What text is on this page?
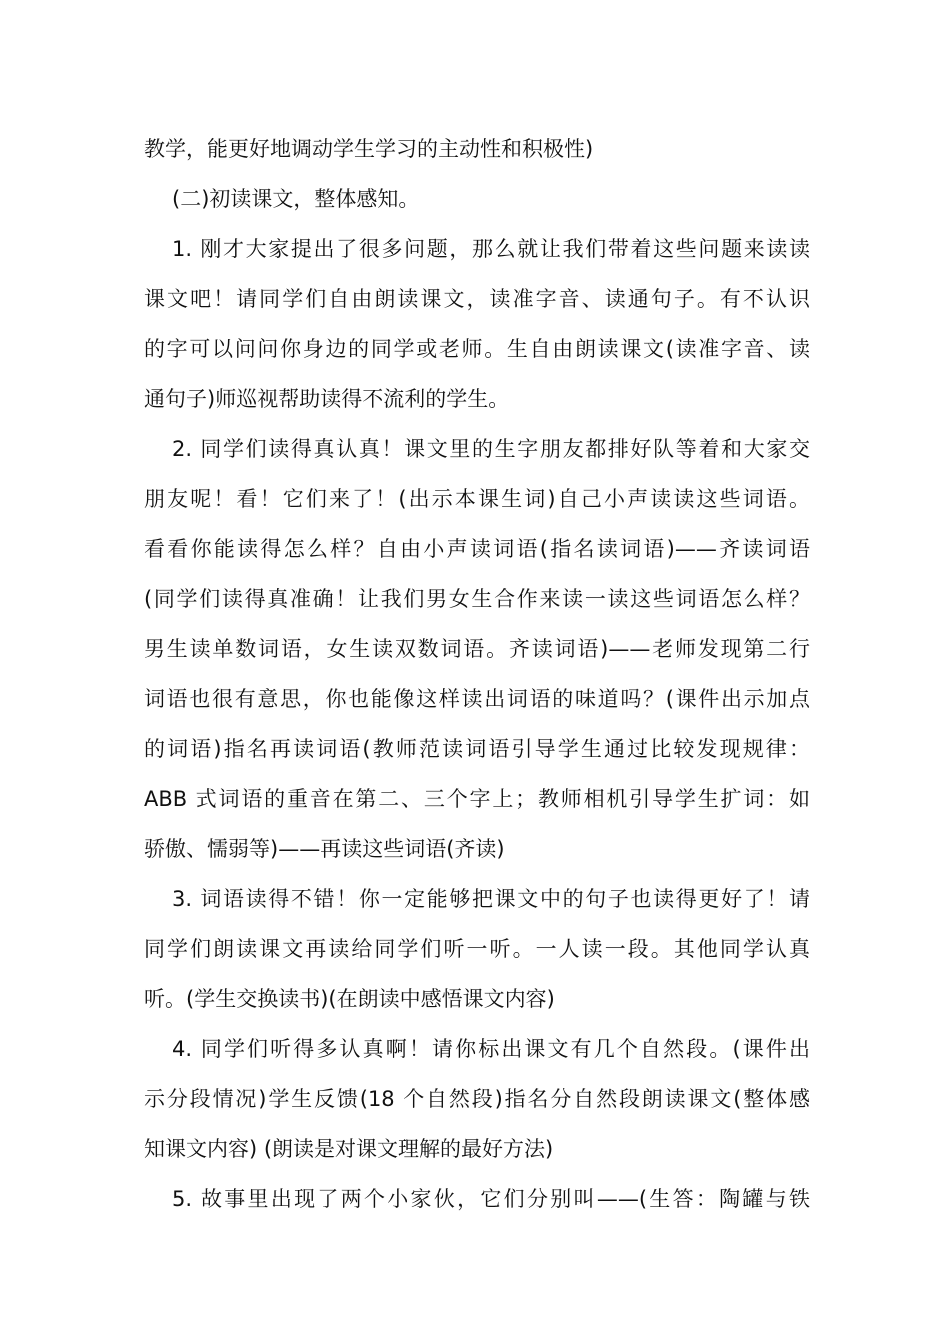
教学，能更好地调动学生学习的主动性和积极性)
(二)初读课文，整体感知。
1. 刚才大家提出了很多问题，那么就让我们带着这些问题来读读
课文吧！请同学们自由朗读课文，读准字音、读通句子。有不认识
的字可以问问你身边的同学或老师。生自由朗读课文(读准字音、读
通句子)师巡视帮助读得不流利的学生。
2. 同学们读得真认真！课文里的生字朋友都排好队等着和大家交
朋友呢！看！它们来了！(出示本课生词)自己小声读读这些词语。
看看你能读得怎么样？自由小声读词语(指名读词语)——齐读词语
(同学们读得真准确！让我们男女生合作来读一读这些词语怎么样？
男生读单数词语，女生读双数词语。齐读词语)——老师发现第二行
词语也很有意思，你也能像这样读出词语的味道吗？(课件出示加点
的词语)指名再读词语(教师范读词语引导学生通过比较发现规律：
ABB 式词语的重音在第二、三个字上；教师相机引导学生扩词：如
骄傲、懦弱等)——再读这些词语(齐读)
3. 词语读得不错！你一定能够把课文中的句子也读得更好了！请
同学们朗读课文再读给同学们听一听。一人读一段。其他同学认真
听。(学生交换读书)(在朗读中感悟课文内容)
4. 同学们听得多认真啊！请你标出课文有几个自然段。(课件出
示分段情况)学生反馈(18 个自然段)指名分自然段朗读课文(整体感
知课文内容) (朗读是对课文理解的最好方法)
5. 故事里出现了两个小家伙，它们分别叫——(生答：陶罐与铁
